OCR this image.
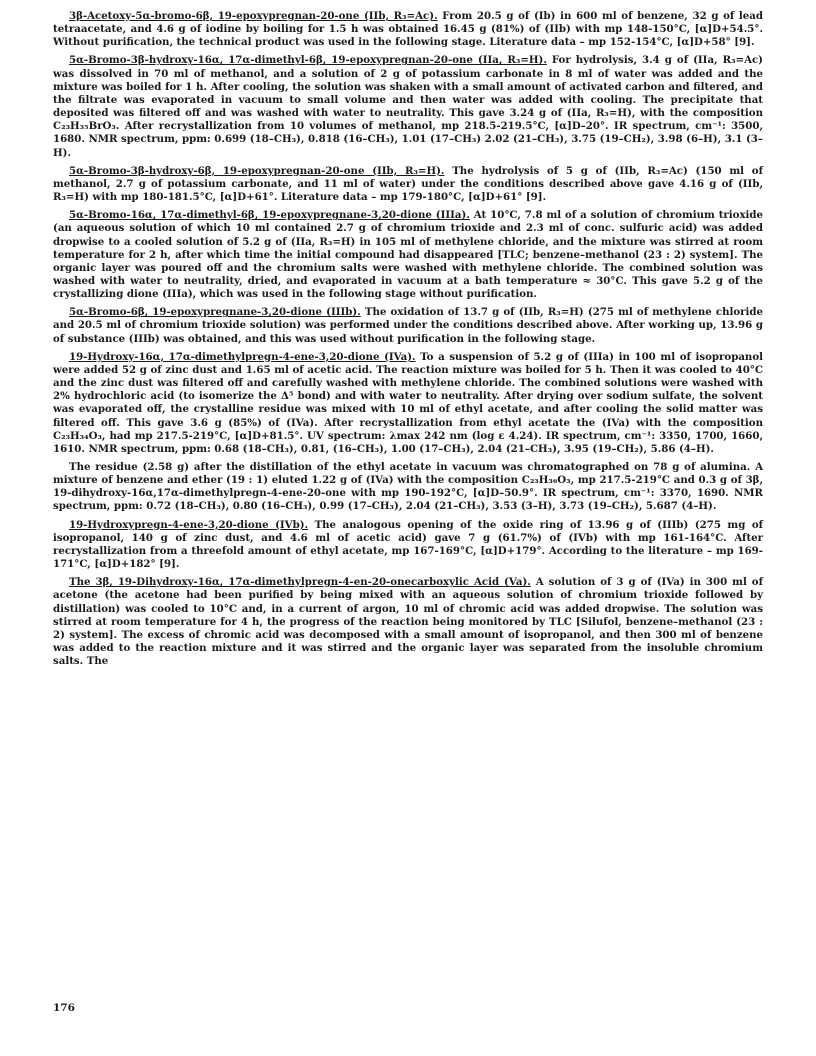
3β-Acetoxy-5α-bromo-6β, 19-epoxypregnan-20-one (IIb, R₃=Ac). From 20.5 g of (Ib) in 600 ml of benzene, 32 g of lead tetraacetate, and 4.6 g of iodine by boiling for 1.5 h was obtained 16.45 g (81%) of (IIb) with mp 148-150°C, [α]D+54.5°. Without purification, the technical product was used in the following stage. Literature data – mp 152-154°C, [α]D+58° [9].

5α-Bromo-3β-hydroxy-16α, 17α-dimethyl-6β, 19-epoxypregnan-20-one (IIa, R₃=H). For hydrolysis, 3.4 g of (IIa, R₃=Ac) was dissolved in 70 ml of methanol, and a solution of 2 g of potassium carbonate in 8 ml of water was added and the mixture was boiled for 1 h. After cooling, the solution was shaken with a small amount of activated carbon and filtered, and the filtrate was evaporated in vacuum to small volume and then water was added with cooling. The precipitate that deposited was filtered off and was washed with water to neutrality. This gave 3.24 g of (IIa, R₃=H), with the composition C₂₃H₃₅BrO₃. After recrystallization from 10 volumes of methanol, mp 218.5-219.5°C, [α]D–20°. IR spectrum, cm⁻¹: 3500, 1680. NMR spectrum, ppm: 0.699 (18–CH₃), 0.818 (16–CH₃), 1.01 (17–CH₃) 2.02 (21–CH₃), 3.75 (19–CH₂), 3.98 (6–H), 3.1 (3–H).

5α-Bromo-3β-hydroxy-6β, 19-epoxypregnan-20-one (IIb, R₃=H). The hydrolysis of 5 g of (IIb, R₃=Ac) (150 ml of methanol, 2.7 g of potassium carbonate, and 11 ml of water) under the conditions described above gave 4.16 g of (IIb, R₃=H) with mp 180-181.5°C, [α]D+61°. Literature data – mp 179-180°C, [α]D+61° [9].

5α-Bromo-16α, 17α-dimethyl-6β, 19-epoxypregnane-3,20-dione (IIIa). At 10°C, 7.8 ml of a solution of chromium trioxide (an aqueous solution of which 10 ml contained 2.7 g of chromium trioxide and 2.3 ml of conc. sulfuric acid) was added dropwise to a cooled solution of 5.2 g of (IIa, R₃=H) in 105 ml of methylene chloride, and the mixture was stirred at room temperature for 2 h, after which time the initial compound had disappeared [TLC; benzene–methanol (23 : 2) system]. The organic layer was poured off and the chromium salts were washed with methylene chloride. The combined solution was washed with water to neutrality, dried, and evaporated in vacuum at a bath temperature ≈ 30°C. This gave 5.2 g of the crystallizing dione (IIIa), which was used in the following stage without purification.

5α-Bromo-6β, 19-epoxypregnane-3,20-dione (IIIb). The oxidation of 13.7 g of (IIb, R₃=H) (275 ml of methylene chloride and 20.5 ml of chromium trioxide solution) was performed under the conditions described above. After working up, 13.96 g of substance (IIIb) was obtained, and this was used without purification in the following stage.

19-Hydroxy-16α, 17α-dimethylpregn-4-ene-3,20-dione (IVa). To a suspension of 5.2 g of (IIIa) in 100 ml of isopropanol were added 52 g of zinc dust and 1.65 ml of acetic acid. The reaction mixture was boiled for 5 h. Then it was cooled to 40°C and the zinc dust was filtered off and carefully washed with methylene chloride. The combined solutions were washed with 2% hydrochloric acid (to isomerize the Δ⁵ bond) and with water to neutrality. After drying over sodium sulfate, the solvent was evaporated off, the crystalline residue was mixed with 10 ml of ethyl acetate, and after cooling the solid matter was filtered off. This gave 3.6 g (85%) of (IVa). After recrystallization from ethyl acetate the (IVa) with the composition C₂₃H₃₄O₃, had mp 217.5-219°C, [α]D+81.5°. UV spectrum: λmax 242 nm (log ε 4.24). IR spectrum, cm⁻¹: 3350, 1700, 1660, 1610. NMR spectrum, ppm: 0.68 (18–CH₃), 0.81, (16–CH₃), 1.00 (17–CH₃), 2.04 (21–CH₃), 3.95 (19–CH₂), 5.86 (4–H).

The residue (2.58 g) after the distillation of the ethyl acetate in vacuum was chromatographed on 78 g of alumina. A mixture of benzene and ether (19 : 1) eluted 1.22 g of (IVa) with the composition C₂₃H₃₆O₃, mp 217.5-219°C and 0.3 g of 3β, 19-dihydroxy-16α,17α-dimethylpregn-4-ene-20-one with mp 190-192°C, [α]D–50.9°. IR spectrum, cm⁻¹: 3370, 1690. NMR spectrum, ppm: 0.72 (18–CH₃), 0.80 (16–CH₃), 0.99 (17–CH₃), 2.04 (21–CH₃), 3.53 (3–H), 3.73 (19–CH₂), 5.687 (4–H).

19-Hydroxypregn-4-ene-3,20-dione (IVb). The analogous opening of the oxide ring of 13.96 g of (IIIb) (275 mg of isopropanol, 140 g of zinc dust, and 4.6 ml of acetic acid) gave 7 g (61.7%) of (IVb) with mp 161-164°C. After recrystallization from a threefold amount of ethyl acetate, mp 167-169°C, [α]D+179°. According to the literature – mp 169-171°C, [α]D+182° [9].

The 3β, 19-Dihydroxy-16α, 17α-dimethylpregn-4-en-20-onecarboxylic Acid (Va). A solution of 3 g of (IVa) in 300 ml of acetone (the acetone had been purified by being mixed with an aqueous solution of chromium trioxide followed by distillation) was cooled to 10°C and, in a current of argon, 10 ml of chromic acid was added dropwise. The solution was stirred at room temperature for 4 h, the progress of the reaction being monitored by TLC [Silufol, benzene–methanol (23 : 2) system]. The excess of chromic acid was decomposed with a small amount of isopropanol, and then 300 ml of benzene was added to the reaction mixture and it was stirred and the organic layer was separated from the insoluble chromium salts. The

176
